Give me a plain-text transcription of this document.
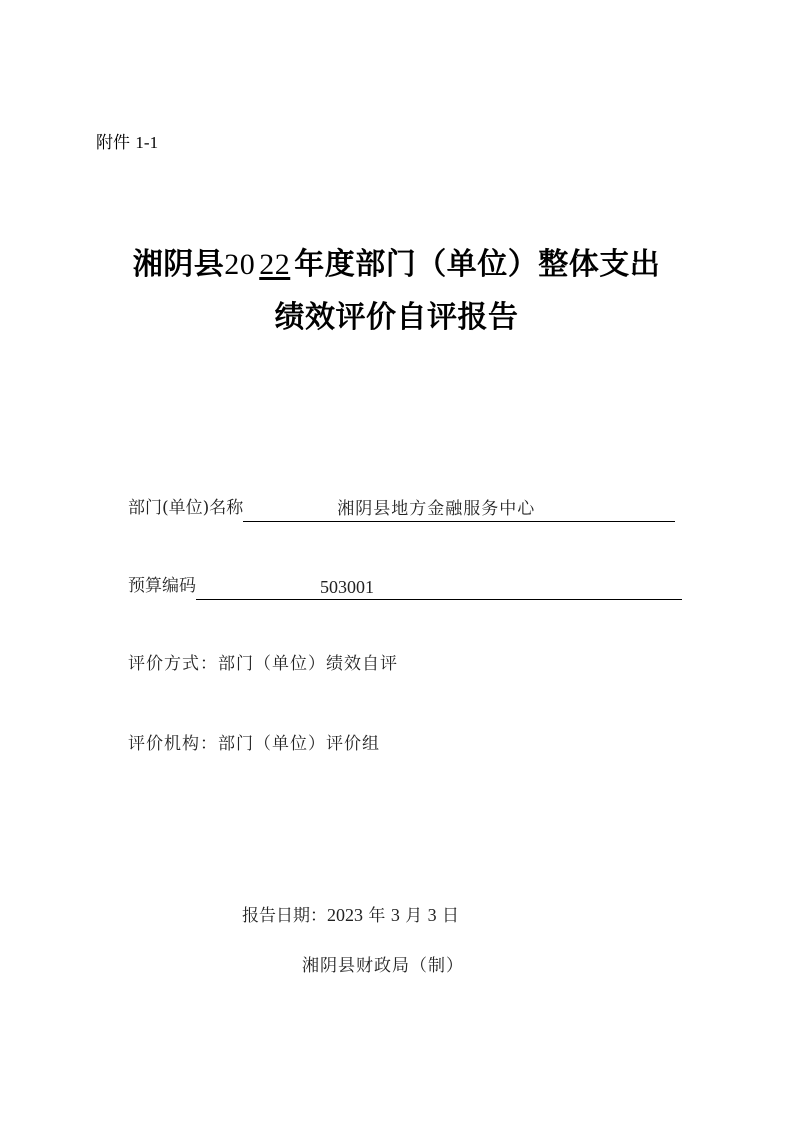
附件 1-1
湘阴县20 22 年度部门（单位）整体支出
绩效评价自评报告
部门(单位)名称	湘阴县地方金融服务中心
预算编码	503001
评价方式：部门（单位）绩效自评
评价机构：部门（单位）评价组
报告日期：2023 年 3 月 3 日
湘阴县财政局（制）
